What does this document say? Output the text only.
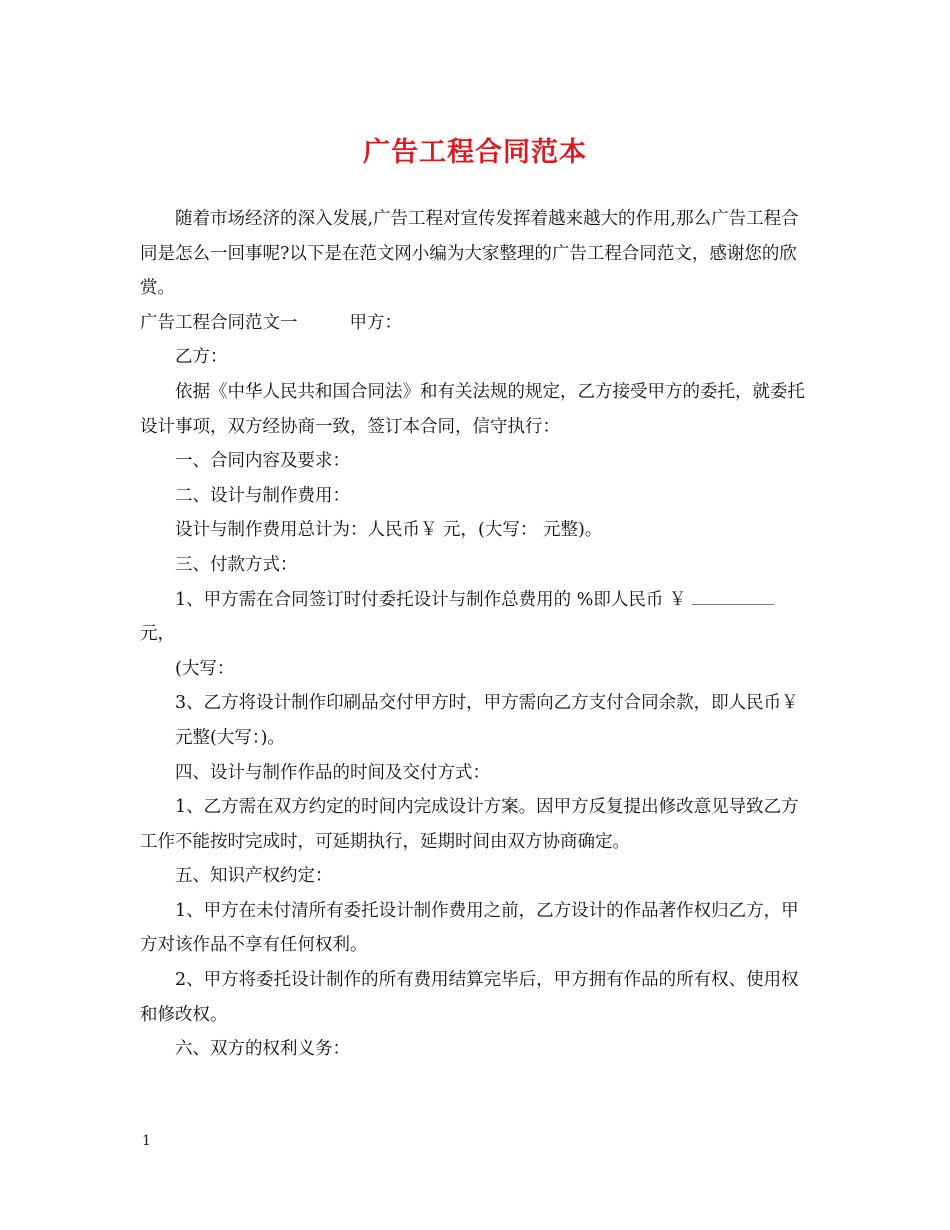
广告工程合同范本

随着市场经济的深入发展,广告工程对宣传发挥着越来越大的作用,那么广告工程合同是怎么一回事呢?以下是在范文网小编为大家整理的广告工程合同范文，感谢您的欣赏。

广告工程合同范文一	甲方：

乙方：

依据《中华人民共和国合同法》和有关法规的规定，乙方接受甲方的委托，就委托设计事项，双方经协商一致，签订本合同，信守执行：

一、合同内容及要求：

二、设计与制作费用：

设计与制作费用总计为：人民币￥ 元，(大写： 元整)。

三、付款方式：

1、甲方需在合同签订时付委托设计与制作总费用的 %即人民币 ￥

元，

(大写：

3、乙方将设计制作印刷品交付甲方时，甲方需向乙方支付合同余款，即人民币￥

元整(大写：)。

四、设计与制作作品的时间及交付方式：

1、乙方需在双方约定的时间内完成设计方案。因甲方反复提出修改意见导致乙方工作不能按时完成时，可延期执行，延期时间由双方协商确定。

五、知识产权约定：

1、甲方在未付清所有委托设计制作费用之前，乙方设计的作品著作权归乙方，甲方对该作品不享有任何权利。

2、甲方将委托设计制作的所有费用结算完毕后，甲方拥有作品的所有权、使用权和修改权。

六、双方的权利义务：

1
